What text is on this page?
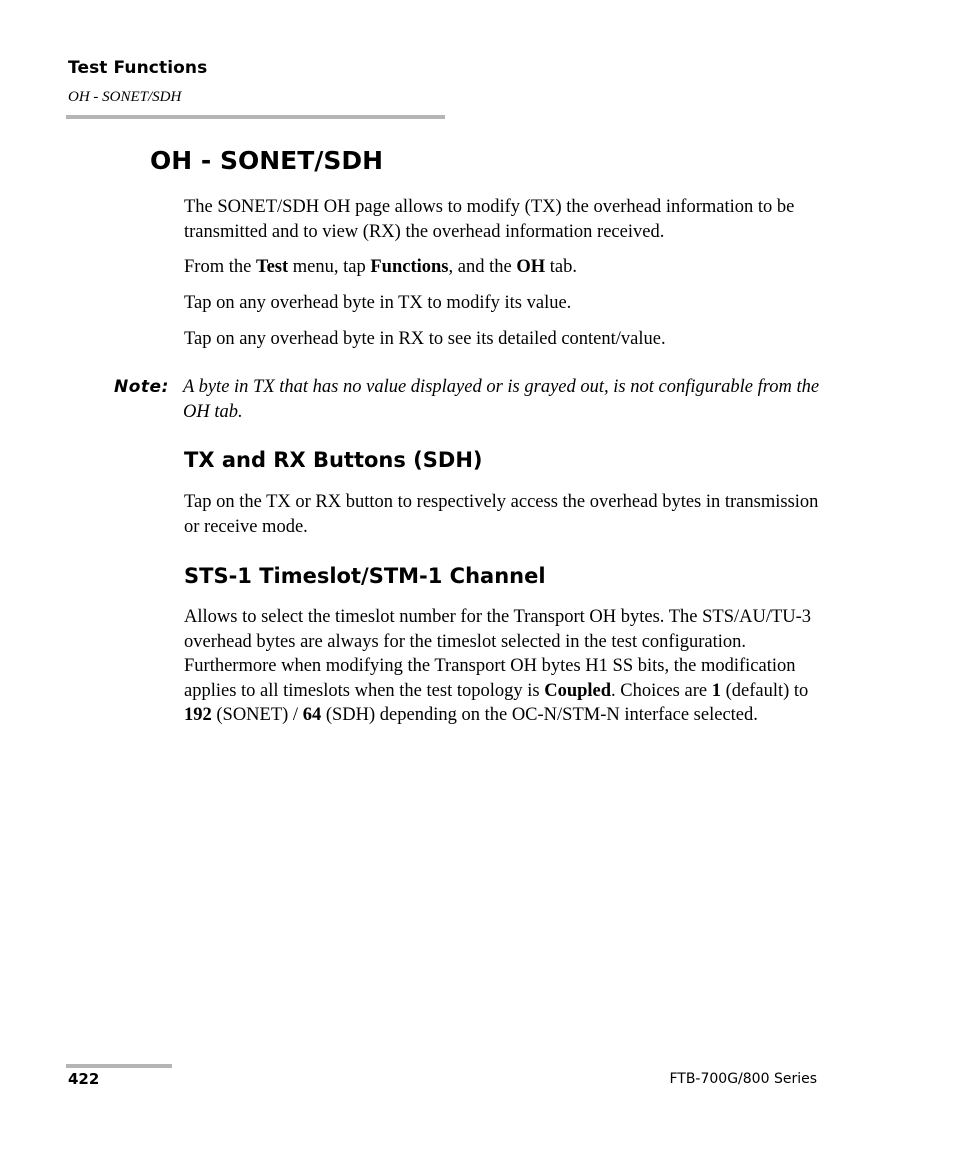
Test Functions
OH - SONET/SDH
OH - SONET/SDH

The SONET/SDH OH page allows to modify (TX) the overhead information to be transmitted and to view (RX) the overhead information received.

From the Test menu, tap Functions, and the OH tab.

Tap on any overhead byte in TX to modify its value.

Tap on any overhead byte in RX to see its detailed content/value.

Note: A byte in TX that has no value displayed or is grayed out, is not configurable from the OH tab.

TX and RX Buttons (SDH)

Tap on the TX or RX button to respectively access the overhead bytes in transmission or receive mode.

STS-1 Timeslot/STM-1 Channel

Allows to select the timeslot number for the Transport OH bytes. The STS/AU/TU-3 overhead bytes are always for the timeslot selected in the test configuration. Furthermore when modifying the Transport OH bytes H1 SS bits, the modification applies to all timeslots when the test topology is Coupled. Choices are 1 (default) to 192 (SONET) / 64 (SDH) depending on the OC-N/STM-N interface selected.

422	FTB-700G/800 Series
